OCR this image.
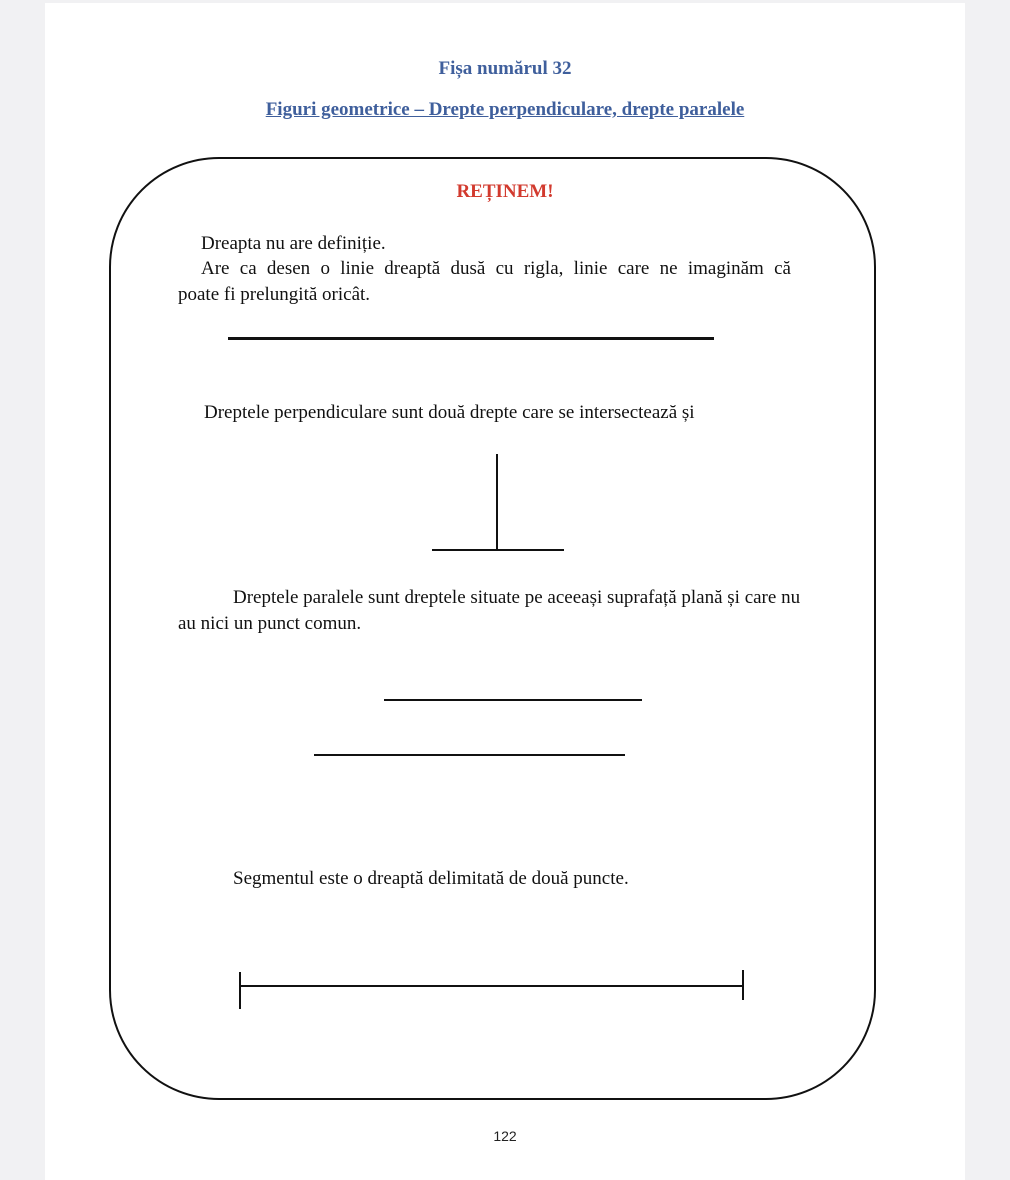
Fișa numărul 32
Figuri geometrice – Drepte perpendiculare, drepte paralele
REȚINEM!
Dreapta nu are definiție.
Are ca desen o linie dreaptă dusă cu rigla, linie care ne imaginăm că
poate fi prelungită oricât.
Dreptele perpendiculare sunt două drepte care se intersectează și
Dreptele paralele sunt dreptele situate pe aceeași suprafață plană și care nu
au nici un punct comun.
Segmentul este o dreaptă delimitată de două puncte.
122
